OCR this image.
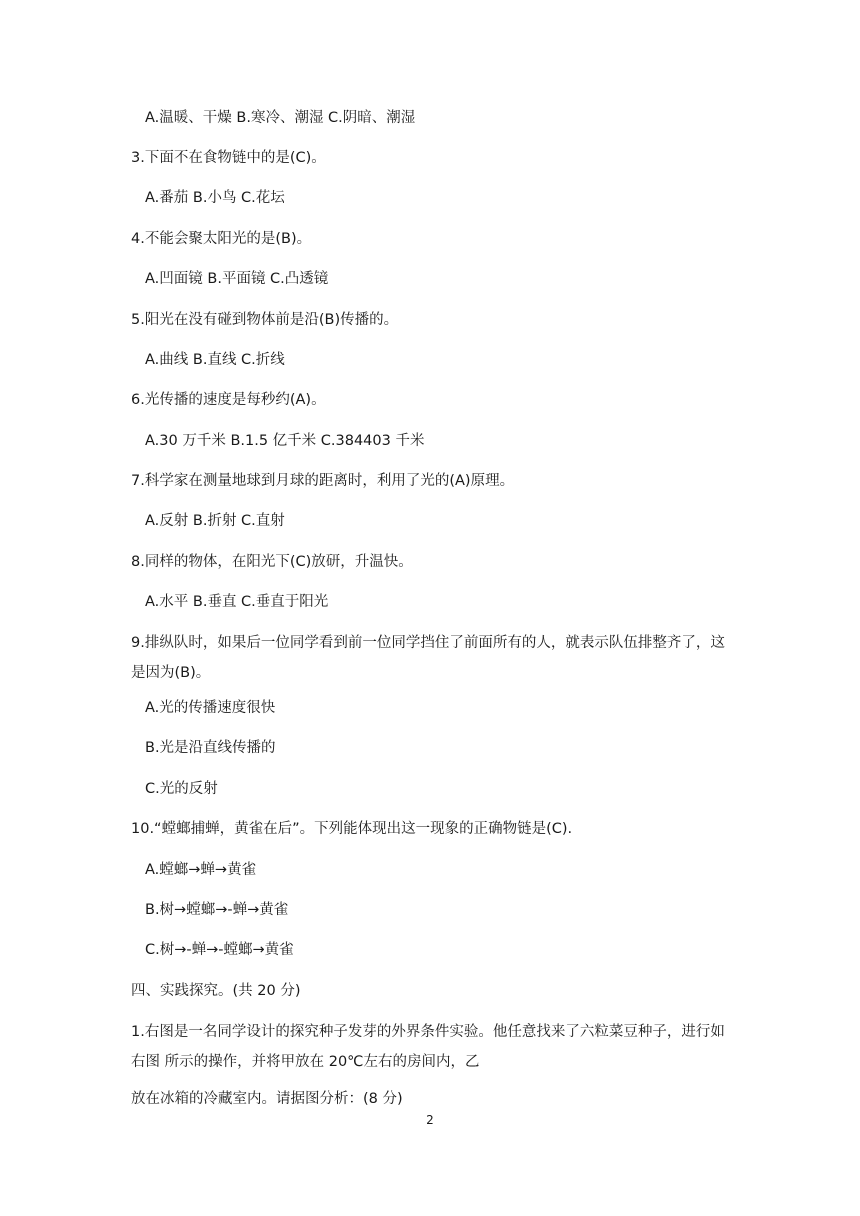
A.温暖、干燥 B.寒冷、潮湿 C.阴暗、潮湿
3.下面不在食物链中的是(C)。
A.番茄 B.小鸟 C.花坛
4.不能会聚太阳光的是(B)。
A.凹面镜 B.平面镜 C.凸透镜
5.阳光在没有碰到物体前是沿(B)传播的。
A.曲线 B.直线 C.折线
6.光传播的速度是每秒约(A)。
A.30 万千米 B.1.5 亿千米 C.384403 千米
7.科学家在测量地球到月球的距离时，利用了光的(A)原理。
A.反射 B.折射 C.直射
8.同样的物体，在阳光下(C)放研，升温快。
A.水平 B.垂直 C.垂直于阳光
9.排纵队时，如果后一位同学看到前一位同学挡住了前面所有的人，就表示队伍排整齐了，这是因为(B)。
A.光的传播速度很快
B.光是沿直线传播的
C.光的反射
10.“螳螂捕蝉，黄雀在后”。下列能体现出这一现象的正确物链是(C).
A.螳螂→蝉→黄雀
B.树→螳螂→-蝉→黄雀
C.树→-蝉→-螳螂→黄雀
四、实践探究。(共 20 分)
1.右图是一名同学设计的探究种子发芽的外界条件实验。他任意找来了六粒菜豆种子，进行如右图 所示的操作，并将甲放在 20℃左右的房间内，乙
放在冰箱的冷藏室内。请据图分析：(8 分)
2
